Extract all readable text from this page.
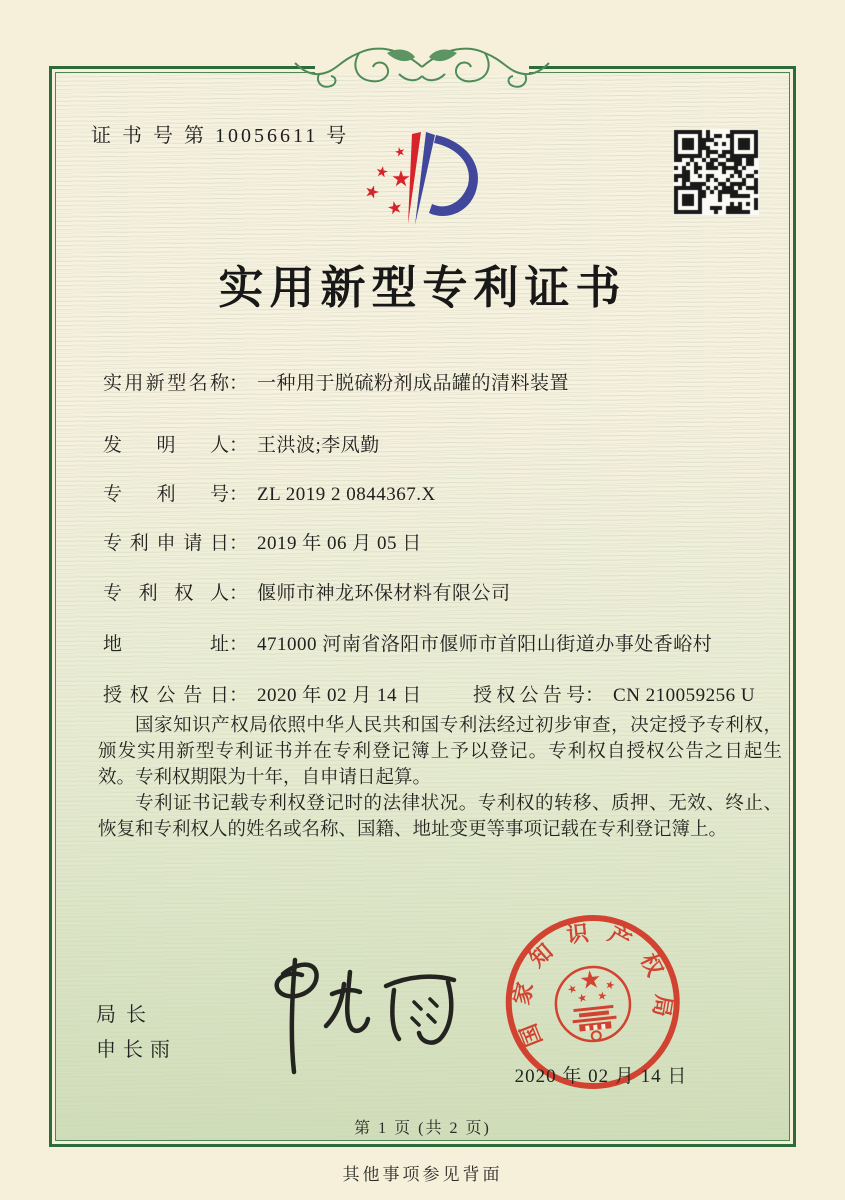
证 书 号 第 10056611 号
实用新型专利证书
实用新型名称： 一种用于脱硫粉剂成品罐的清料装置
发明人： 王洪波;李凤勤
专利号： ZL 2019 2 0844367.X
专利申请日： 2019 年 06 月 05 日
专利权人： 偃师市神龙环保材料有限公司
地址： 471000 河南省洛阳市偃师市首阳山街道办事处香峪村
授权公告日： 2020 年 02 月 14 日	授权公告号： CN 210059256 U

国家知识产权局依照中华人民共和国专利法经过初步审查，决定授予专利权，颁发实用新型专利证书并在专利登记簿上予以登记。专利权自授权公告之日起生效。专利权期限为十年，自申请日起算。

专利证书记载专利权登记时的法律状况。专利权的转移、质押、无效、终止、恢复和专利权人的姓名或名称、国籍、地址变更等事项记载在专利登记簿上。

局长
申长雨	国家知识产权局
2020 年 02 月 14 日
第 1 页 (共 2 页)
其他事项参见背面
